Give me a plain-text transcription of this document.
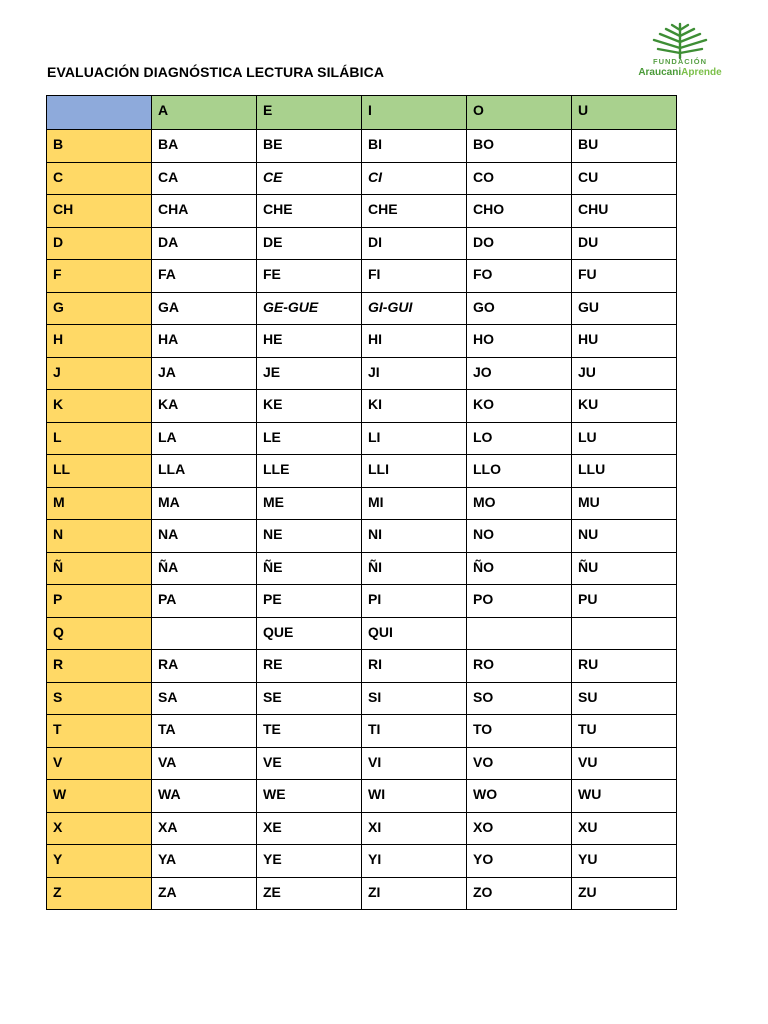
EVALUACIÓN DIAGNÓSTICA LECTURA SILÁBICA
FUNDACIÓN
AraucaniAprende
	A	E	I	O	U
B	BA	BE	BI	BO	BU
C	CA	CE	CI	CO	CU
CH	CHA	CHE	CHE	CHO	CHU
D	DA	DE	DI	DO	DU
F	FA	FE	FI	FO	FU
G	GA	GE-GUE	GI-GUI	GO	GU
H	HA	HE	HI	HO	HU
J	JA	JE	JI	JO	JU
K	KA	KE	KI	KO	KU
L	LA	LE	LI	LO	LU
LL	LLA	LLE	LLI	LLO	LLU
M	MA	ME	MI	MO	MU
N	NA	NE	NI	NO	NU
Ñ	ÑA	ÑE	ÑI	ÑO	ÑU
P	PA	PE	PI	PO	PU
Q		QUE	QUI		
R	RA	RE	RI	RO	RU
S	SA	SE	SI	SO	SU
T	TA	TE	TI	TO	TU
V	VA	VE	VI	VO	VU
W	WA	WE	WI	WO	WU
X	XA	XE	XI	XO	XU
Y	YA	YE	YI	YO	YU
Z	ZA	ZE	ZI	ZO	ZU
